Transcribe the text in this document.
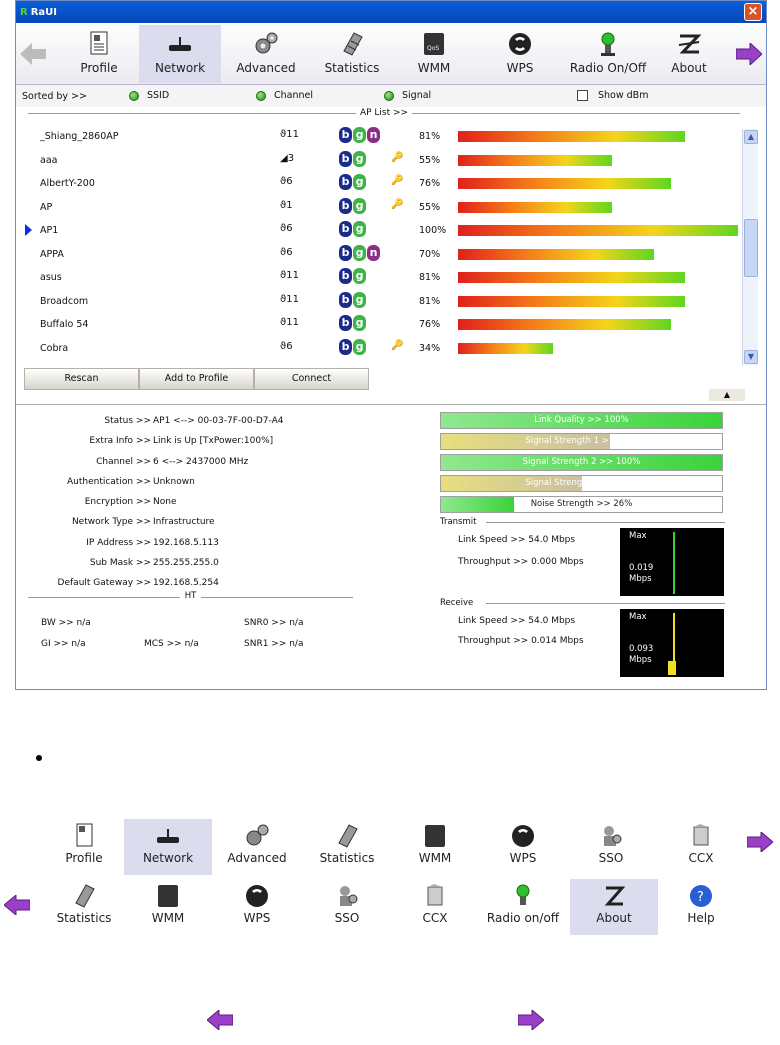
R RaUI	×
Profile	Network	Advanced	Statistics
QoS
WMM	WPS	Radio On/Off	About
Sorted by >>	SSID	Channel	Signal	Show dBm
AP List >>
_Shiang_2860AP	ϑ11	b g n	81%
aaa	◢3	b g	🔑 55%
AlbertY-200	ϑ6	b g	🔑 76%
AP	ϑ1	b g	🔑 55%
AP1	ϑ6	b g	100%
APPA	ϑ6	b g n	70%
asus	ϑ11	b g	81%
Broadcom	ϑ11	b g	81%
Buffalo 54	ϑ11	b g	76%
Cobra	ϑ6	b g	🔑 34%
▲
▼
Rescan	Add to Profile	Connect
▲
Status >> AP1 <--> 00-03-7F-00-D7-A4
Extra Info >> Link is Up [TxPower:100%]
Channel >> 6 <--> 2437000 MHz
Authentication >> Unknown
Encryption >> None
Network Type >> Infrastructure
IP Address >> 192.168.5.113
Sub Mask >> 255.255.255.0
Default Gateway >> 192.168.5.254
HT
BW >> n/a
GI >> n/a	MCS >> n/a
SNR0 >> n/a
SNR1 >> n/a
Link Quality >> 100%
Signal Strength 1 >> 60%
Signal Strength 2 >> 100%
Signal Strength 3 >> 50%
Noise Strength >> 26%
Transmit
Link Speed >> 54.0 Mbps
Throughput >> 0.000 Mbps
Max
0.019
Mbps
Receive
Link Speed >> 54.0 Mbps
Throughput >> 0.014 Mbps
Max
0.093
Mbps
Profile	Network	Advanced	Statistics	WMM	WPS	SSO	CCX
Statistics	WMM	WPS	SSO	CCX	Radio on/off	About
?
Help
